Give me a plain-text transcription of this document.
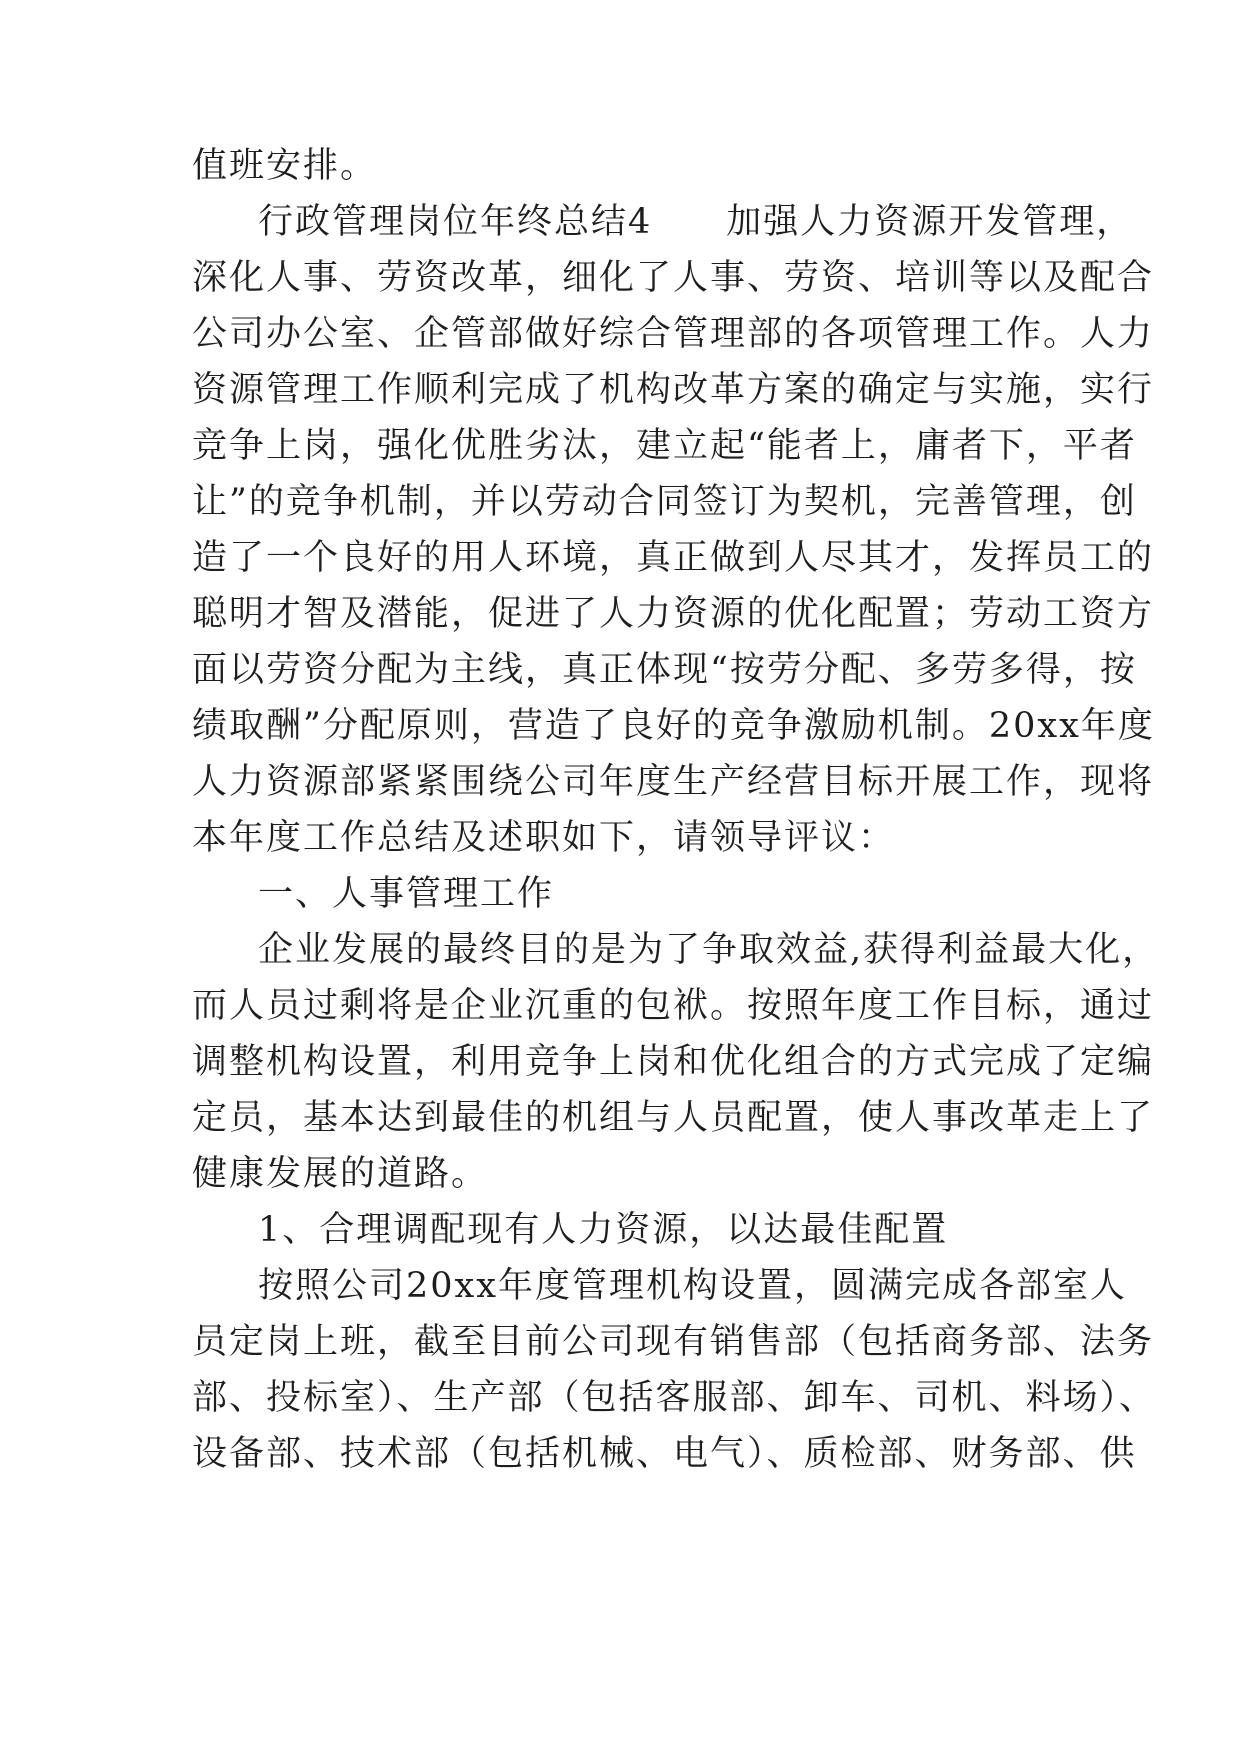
值班安排。
行政管理岗位年终总结4　　加强人力资源开发管理，
深化人事、劳资改革，细化了人事、劳资、培训等以及配合
公司办公室、企管部做好综合管理部的各项管理工作。人力
资源管理工作顺利完成了机构改革方案的确定与实施，实行
竞争上岗，强化优胜劣汰，建立起“能者上，庸者下，平者
让”的竞争机制，并以劳动合同签订为契机，完善管理，创
造了一个良好的用人环境，真正做到人尽其才，发挥员工的
聪明才智及潜能，促进了人力资源的优化配置；劳动工资方
面以劳资分配为主线，真正体现“按劳分配、多劳多得，按
绩取酬”分配原则，营造了良好的竞争激励机制。20xx年度
人力资源部紧紧围绕公司年度生产经营目标开展工作，现将
本年度工作总结及述职如下，请领导评议：
一、人事管理工作
企业发展的最终目的是为了争取效益,获得利益最大化，
而人员过剩将是企业沉重的包袱。按照年度工作目标，通过
调整机构设置，利用竞争上岗和优化组合的方式完成了定编
定员，基本达到最佳的机组与人员配置，使人事改革走上了
健康发展的道路。
1、合理调配现有人力资源，以达最佳配置
按照公司20xx年度管理机构设置，圆满完成各部室人
员定岗上班，截至目前公司现有销售部（包括商务部、法务
部、投标室）、生产部（包括客服部、卸车、司机、料场）、
设备部、技术部（包括机械、电气）、质检部、财务部、供
